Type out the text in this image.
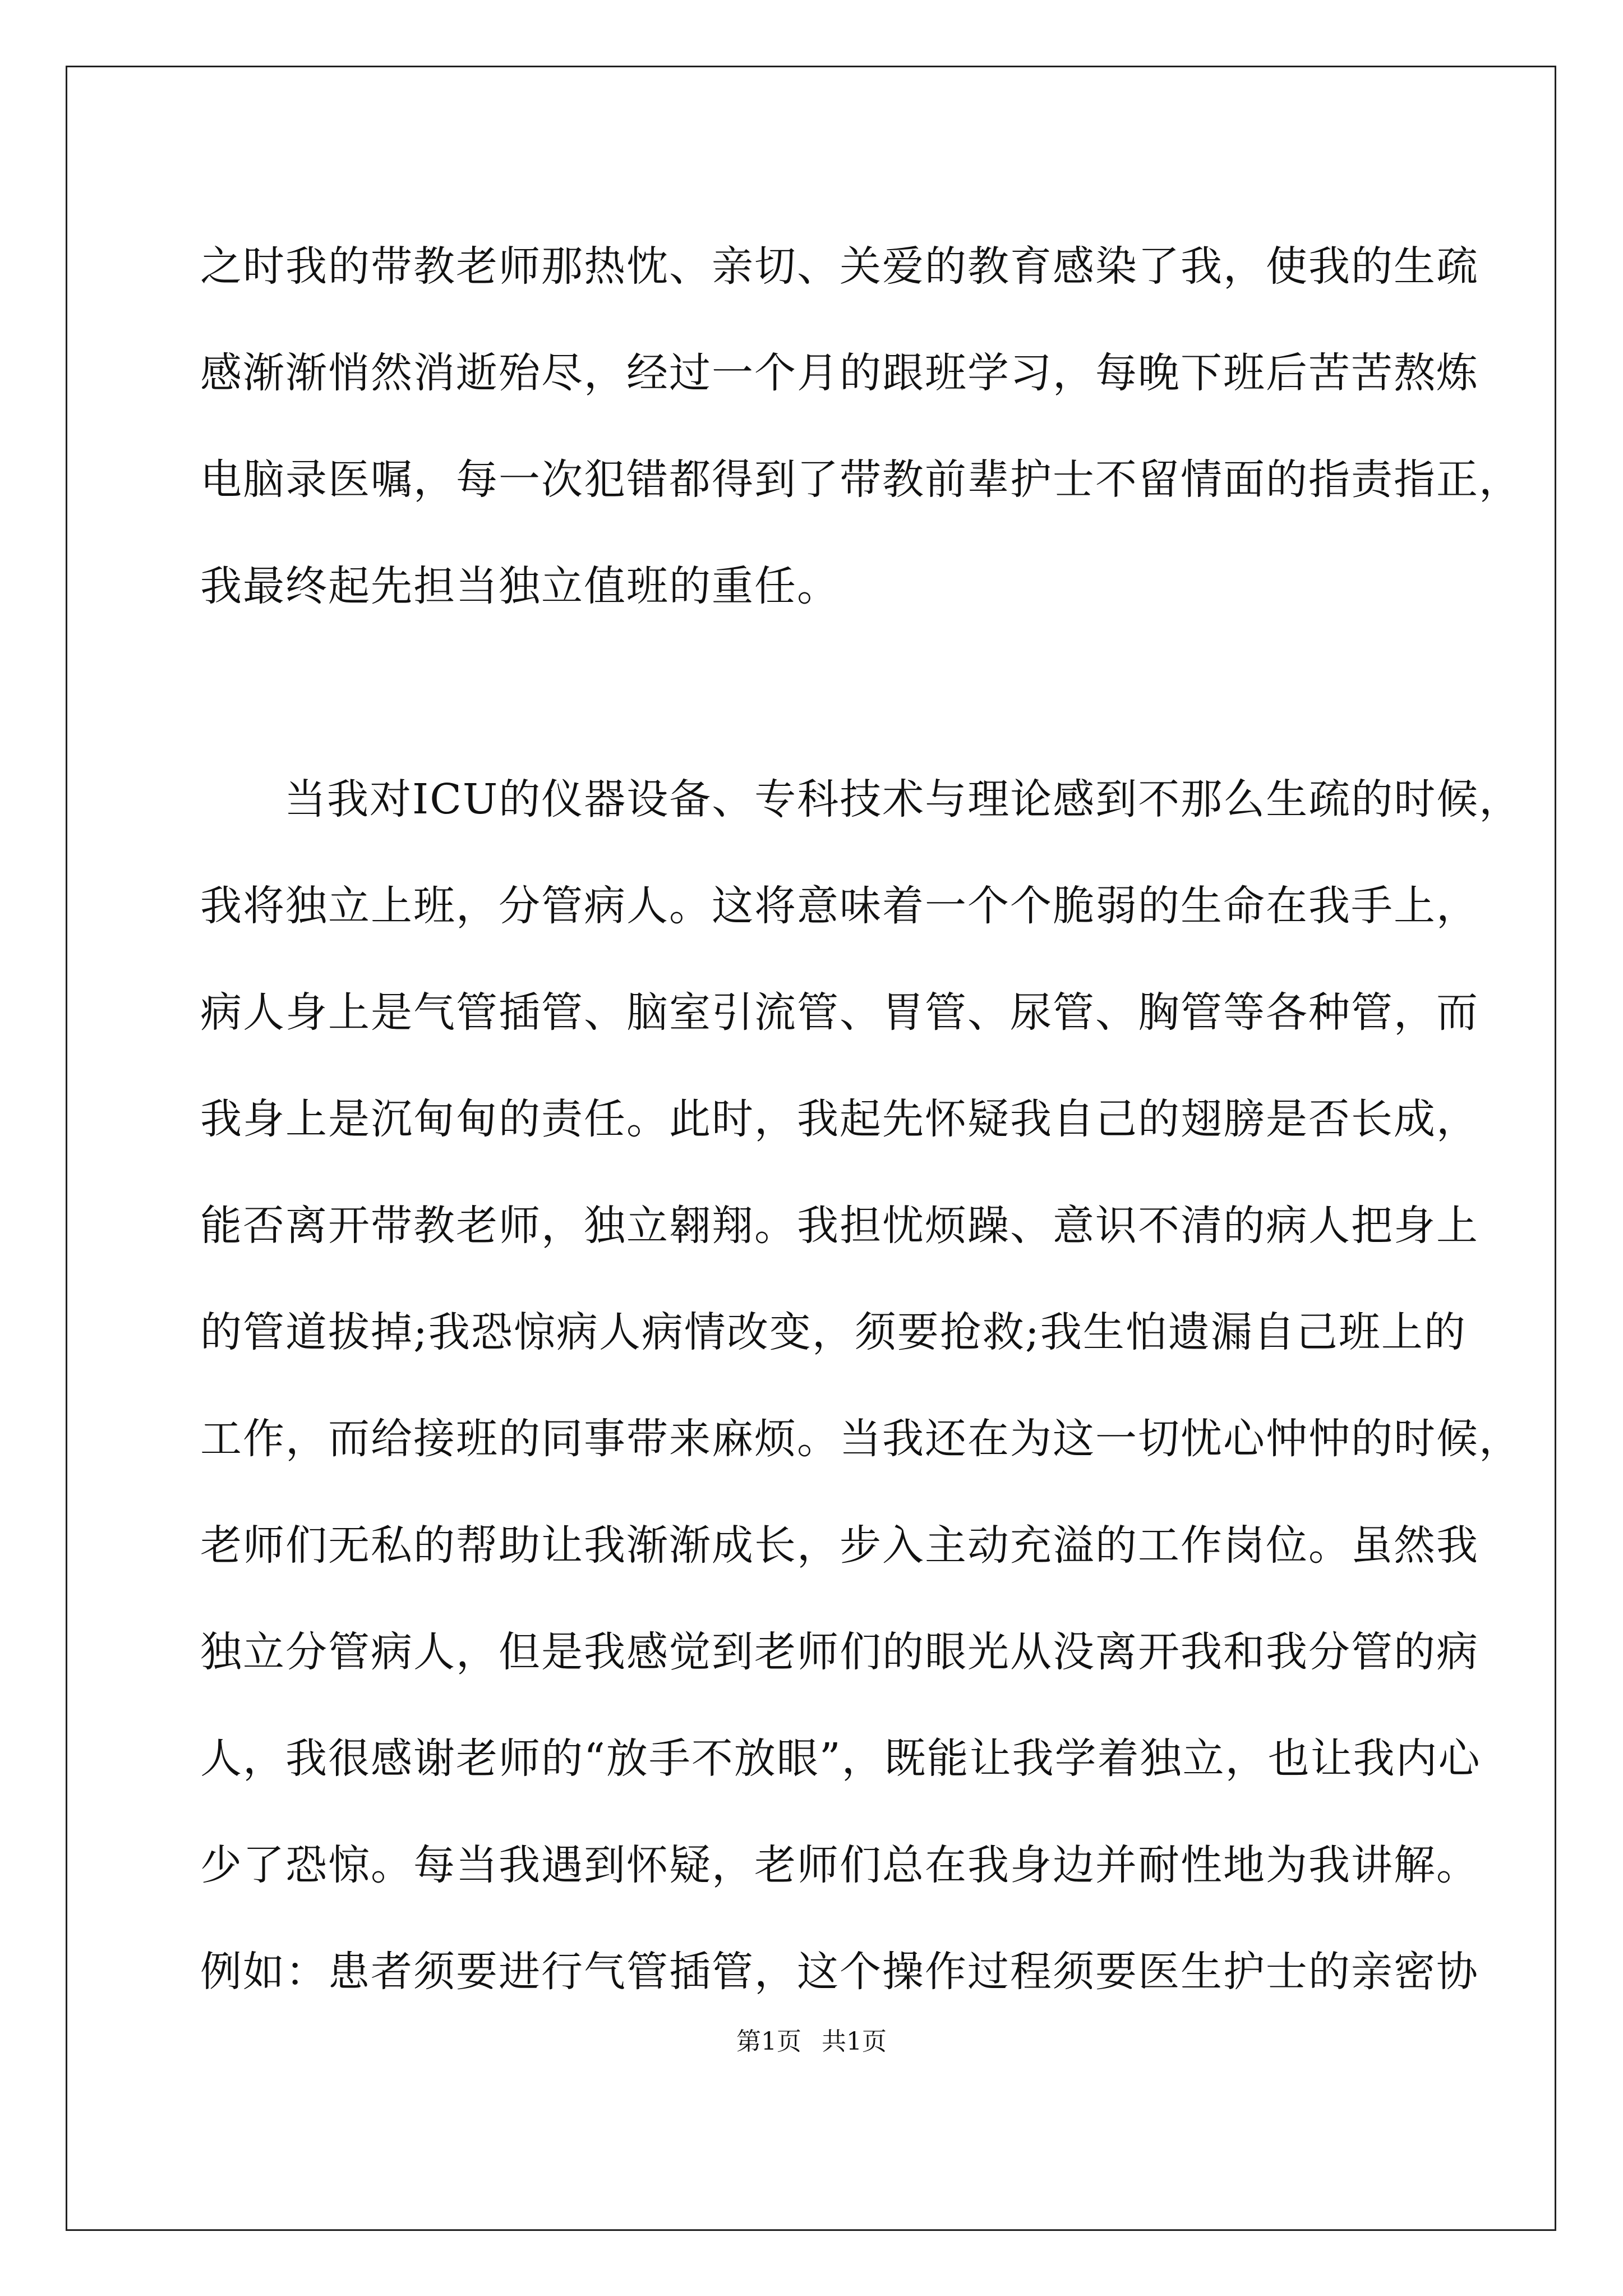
之时我的带教老师那热忱、亲切、关爱的教育感染了我，使我的生疏
感渐渐悄然消逝殆尽，经过一个月的跟班学习，每晚下班后苦苦熬炼
电脑录医嘱，每一次犯错都得到了带教前辈护士不留情面的指责指正，
我最终起先担当独立值班的重任。

当我对ICU的仪器设备、专科技术与理论感到不那么生疏的时候，
我将独立上班，分管病人。这将意味着一个个脆弱的生命在我手上，
病人身上是气管插管、脑室引流管、胃管、尿管、胸管等各种管，而
我身上是沉甸甸的责任。此时，我起先怀疑我自己的翅膀是否长成，
能否离开带教老师，独立翱翔。我担忧烦躁、意识不清的病人把身上
的管道拔掉;我恐惊病人病情改变，须要抢救;我生怕遗漏自己班上的
工作，而给接班的同事带来麻烦。当我还在为这一切忧心忡忡的时候，
老师们无私的帮助让我渐渐成长，步入主动充溢的工作岗位。虽然我
独立分管病人，但是我感觉到老师们的眼光从没离开我和我分管的病
人，我很感谢老师的“放手不放眼”，既能让我学着独立，也让我内心
少了恐惊。每当我遇到怀疑，老师们总在我身边并耐性地为我讲解。
例如：患者须要进行气管插管，这个操作过程须要医生护士的亲密协

第1页 共1页
